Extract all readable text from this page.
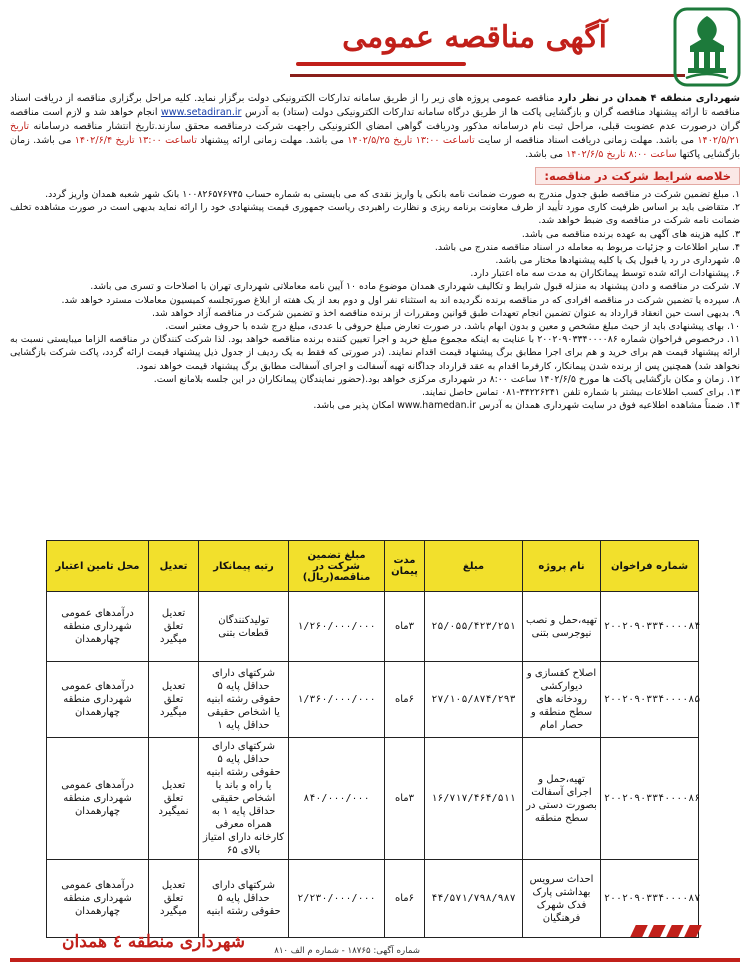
آگهی مناقصه عمومی
شهرداری منطقه ۴ همدان در نظر دارد مناقصه عمومی پروژه های زیر را از طریق سامانه تدارکات الکترونیکی دولت برگزار نماید. کلیه مراحل برگزاری مناقصه از دریافت اسناد مناقصه تا ارائه پیشنهاد مناقصه گران و بازگشایی پاکت ها از طریق درگاه سامانه تدارکات الکترونیکی دولت (ستاد) به آدرس www.setadiran.ir انجام خواهد شد و لازم است مناقصه گران درصورت عدم عضویت قبلی، مراحل ثبت نام درسامانه مذکور ودریافت گواهی امضای الکترونیکی راجهت شرکت درمناقصه محقق سازند.تاریخ انتشار مناقصه درسامانه تاریخ ۱۴۰۲/۵/۲۱ می باشد. مهلت زمانی دریافت اسناد مناقصه از سایت تاساعت ۱۳:۰۰ تاریخ ۱۴۰۲/۵/۲۵ می باشد. مهلت زمانی ارائه پیشنهاد تاساعت ۱۳:۰۰ تاریخ ۱۴۰۲/۶/۴ می باشد. زمان بازگشایی پاکتها ساعت ۸:۰۰ تاریخ ۱۴۰۲/۶/۵ می باشد.
خلاصه شرایط شرکت در مناقصه:
۱. مبلغ تضمین شرکت در مناقصه طبق جدول مندرج به صورت ضمانت نامه بانکی یا واریز نقدی که می بایستی به شماره حساب ۱۰۰۸۲۶۵۷۶۷۴۵ بانک شهر شعبه همدان واریز گردد.
۲. متقاضی باید بر اساس ظرفیت کاری مورد تأیید از طرف معاونت برنامه ریزی و نظارت راهبردی ریاست جمهوری قیمت پیشنهادی خود را ارائه نماید بدیهی است در صورت مشاهده تخلف ضمانت نامه شرکت در مناقصه وی ضبط خواهد شد.
۳. کلیه هزینه های آگهی به عهده برنده مناقصه می باشد.
۴. سایر اطلاعات و جزئیات مربوط به معامله در اسناد مناقصه مندرج می باشد.
۵. شهرداری در رد یا قبول یک یا کلیه پیشنهادها مختار می باشد.
۶. پیشنهادات ارائه شده توسط پیمانکاران به مدت سه ماه اعتبار دارد.
۷. شرکت در مناقصه و دادن پیشنهاد به منزله قبول شرایط و تکالیف شهرداری همدان موضوع ماده ۱۰ آیین نامه معاملاتی شهرداری تهران با اصلاحات و تسری می باشد.
۸. سپرده یا تضمین شرکت در مناقصه افرادی که در مناقصه برنده نگردیده اند به استثناء نفر اول و دوم بعد از یک هفته از ابلاغ صورتجلسه کمیسیون معاملات مسترد خواهد شد.
۹. بدیهی است حین انعقاد قرارداد به عنوان تضمین انجام تعهدات طبق قوانین ومقررات از برنده مناقصه اخذ و تضمین شرکت در مناقصه آزاد خواهد شد.
۱۰. بهای پیشنهادی باید از حیث مبلغ مشخص و معین و بدون ابهام باشد. در صورت تعارض مبلغ حروفی با عددی، مبلغ درج شده با حروف معتبر است.
۱۱. درخصوص فراخوان شماره ۲۰۰۲۰۹۰۳۳۴۰۰۰۰۸۶ با عنایت به اینکه مجموع مبلغ خرید و اجرا تعیین کننده برنده مناقصه خواهد بود. لذا شرکت کنندگان در مناقصه الزاما میبایستی نسبت به ارائه پیشنهاد قیمت هم برای خرید و هم برای اجرا مطابق برگ پیشنهاد قیمت اقدام نمایند. (در صورتی که فقط به یک ردیف از جدول ذیل پیشنهاد قیمت ارائه گردد، پاکت شرکت بازگشایی نخواهد شد) همچنین پس از برنده شدن پیمانکار، کارفرما اقدام به عقد قرارداد جداگانه تهیه آسفالت و اجرای آسفالت مطابق برگ پیشنهاد قیمت خواهد نمود.
۱۲. زمان و مکان بازگشایی پاکت ها مورخ ۱۴۰۲/۶/۵ ساعت ۸:۰۰ در شهرداری مرکزی خواهد بود.(حضور نمایندگان پیمانکاران در این جلسه بلامانع است.
۱۳. برای کسب اطلاعات بیشتر با شماره تلفن ۳۴۲۲۶۲۴۱-۰۸۱ تماس حاصل نمایند.
۱۴. ضمناً مشاهده اطلاعیه فوق در سایت شهرداری همدان به آدرس www.hamedan.ir امکان پذیر می باشد.
شماره فراخوان	نام پروژه	مبلغ	مدت پیمان	مبلغ تضمین شرکت در مناقصه(ریال)	رتبه پیمانکار	تعدیل	محل تامین اعتبار
۲۰۰۲۰۹۰۳۳۴۰۰۰۰۸۴	تهیه،حمل و نصب نیوجرسی بتنی	۲۵/۰۵۵/۴۲۳/۲۵۱	۳ماه	۱/۲۶۰/۰۰۰/۰۰۰	تولیدکنندگان قطعات بتنی	تعدیل تعلق میگیرد	درآمدهای عمومی شهرداری منطقه چهارهمدان
۲۰۰۲۰۹۰۳۳۴۰۰۰۰۸۵	اصلاح کفسازی و دیوارکشی رودخانه های سطح منطقه و حصار امام	۲۷/۱۰۵/۸۷۴/۲۹۳	۶ماه	۱/۳۶۰/۰۰۰/۰۰۰	شرکتهای دارای حداقل پایه ۵ حقوقی رشته ابنیه یا اشخاص حقیقی حداقل پایه ۱	تعدیل تعلق میگیرد	درآمدهای عمومی شهرداری منطقه چهارهمدان
۲۰۰۲۰۹۰۳۳۴۰۰۰۰۸۶	تهیه،حمل و اجرای آسفالت بصورت دستی در سطح منطقه	۱۶/۷۱۷/۴۶۴/۵۱۱	۳ماه	۸۴۰/۰۰۰/۰۰۰	شرکتهای دارای حداقل پایه ۵ حقوقی رشته ابنیه یا راه و باند یا اشخاص حقیقی حداقل پایه ۱ به همراه معرفی کارخانه دارای امتیاز بالای ۶۵	تعدیل تعلق نمیگیرد	درآمدهای عمومی شهرداری منطقه چهارهمدان
۲۰۰۲۰۹۰۳۳۴۰۰۰۰۸۷	احداث سرویس بهداشتی پارک فدک شهرک فرهنگیان	۴۴/۵۷۱/۷۹۸/۹۸۷	۶ماه	۲/۲۳۰/۰۰۰/۰۰۰	شرکتهای دارای حداقل پایه ۵ حقوقی رشته ابنیه	تعدیل تعلق میگیرد	درآمدهای عمومی شهرداری منطقه چهارهمدان
شهرداری منطقه ٤ همدان	شماره آگهی: ۱۸۷۶۵ - شماره م الف ۸۱۰
